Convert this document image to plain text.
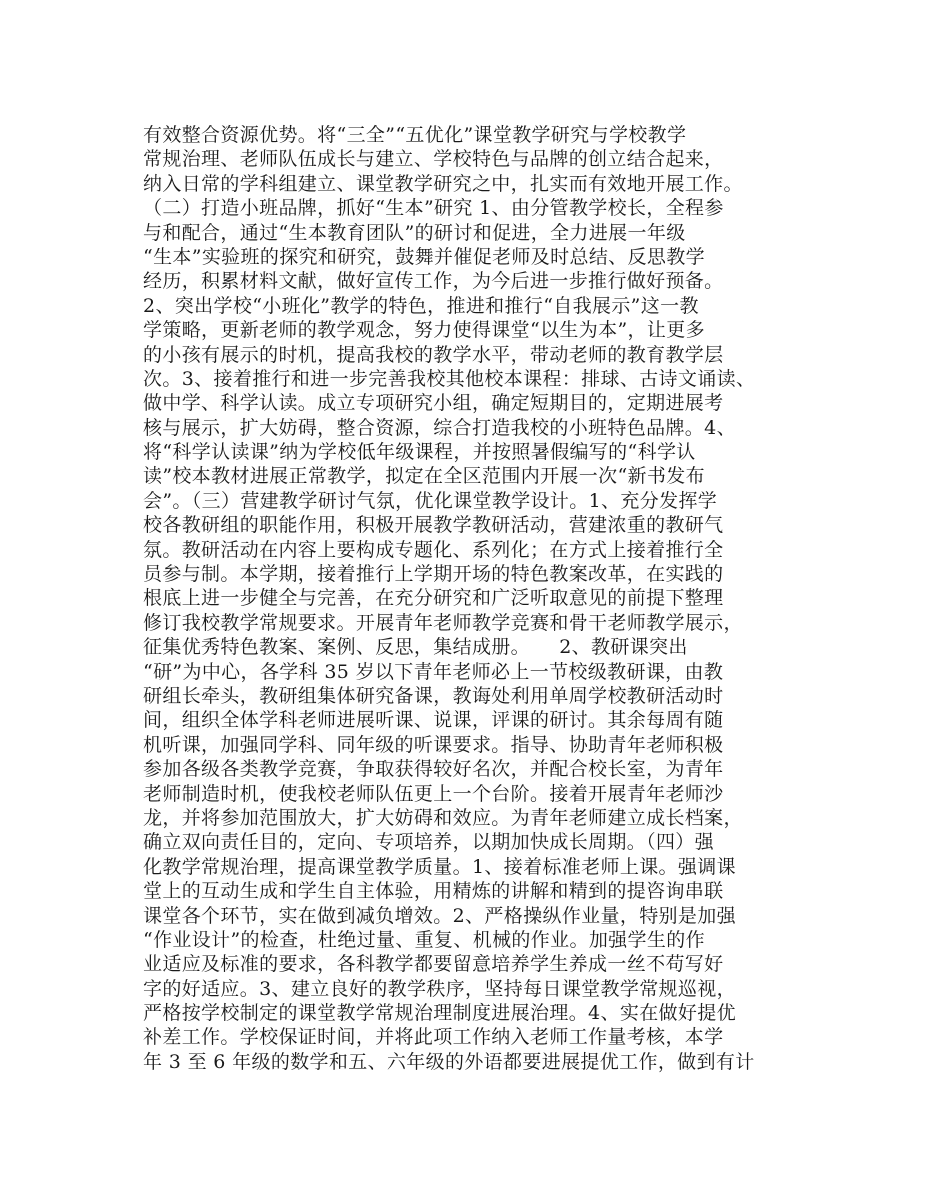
有效整合资源优势。将“三全”“五优化”课堂教学研究与学校教学
常规治理、老师队伍成长与建立、学校特色与品牌的创立结合起来，
纳入日常的学科组建立、课堂教学研究之中，扎实而有效地开展工作。
（二）打造小班品牌，抓好“生本”研究 1、由分管教学校长，全程参
与和配合，通过“生本教育团队”的研讨和促进，全力进展一年级
“生本”实验班的探究和研究，鼓舞并催促老师及时总结、反思教学
经历，积累材料文献，做好宣传工作，为今后进一步推行做好预备。
2、突出学校“小班化”教学的特色，推进和推行“自我展示”这一教
学策略，更新老师的教学观念，努力使得课堂“以生为本”，让更多
的小孩有展示的时机，提高我校的教学水平，带动老师的教育教学层
次。3、接着推行和进一步完善我校其他校本课程：排球、古诗文诵读、
做中学、科学认读。成立专项研究小组，确定短期目的，定期进展考
核与展示，扩大妨碍，整合资源，综合打造我校的小班特色品牌。4、
将“科学认读课”纳为学校低年级课程，并按照暑假编写的“科学认
读”校本教材进展正常教学，拟定在全区范围内开展一次“新书发布
会”。（三）营建教学研讨气氛，优化课堂教学设计。1、充分发挥学
校各教研组的职能作用，积极开展教学教研活动，营建浓重的教研气
氛。教研活动在内容上要构成专题化、系列化；在方式上接着推行全
员参与制。本学期，接着推行上学期开场的特色教案改革，在实践的
根底上进一步健全与完善，在充分研究和广泛听取意见的前提下整理
修订我校教学常规要求。开展青年老师教学竞赛和骨干老师教学展示，
征集优秀特色教案、案例、反思，集结成册。　　2、教研课突出
“研”为中心，各学科 35 岁以下青年老师必上一节校级教研课，由教
研组长牵头，教研组集体研究备课，教诲处利用单周学校教研活动时
间，组织全体学科老师进展听课、说课，评课的研讨。其余每周有随
机听课，加强同学科、同年级的听课要求。指导、协助青年老师积极
参加各级各类教学竞赛，争取获得较好名次，并配合校长室，为青年
老师制造时机，使我校老师队伍更上一个台阶。接着开展青年老师沙
龙，并将参加范围放大，扩大妨碍和效应。为青年老师建立成长档案，
确立双向责任目的，定向、专项培养，以期加快成长周期。（四）强
化教学常规治理，提高课堂教学质量。1、接着标准老师上课。强调课
堂上的互动生成和学生自主体验，用精炼的讲解和精到的提咨询串联
课堂各个环节，实在做到减负增效。2、严格操纵作业量，特别是加强
“作业设计”的检查，杜绝过量、重复、机械的作业。加强学生的作
业适应及标准的要求，各科教学都要留意培养学生养成一丝不苟写好
字的好适应。3、建立良好的教学秩序，坚持每日课堂教学常规巡视，
严格按学校制定的课堂教学常规治理制度进展治理。4、实在做好提优
补差工作。学校保证时间，并将此项工作纳入老师工作量考核，本学
年 3 至 6 年级的数学和五、六年级的外语都要进展提优工作，做到有计
